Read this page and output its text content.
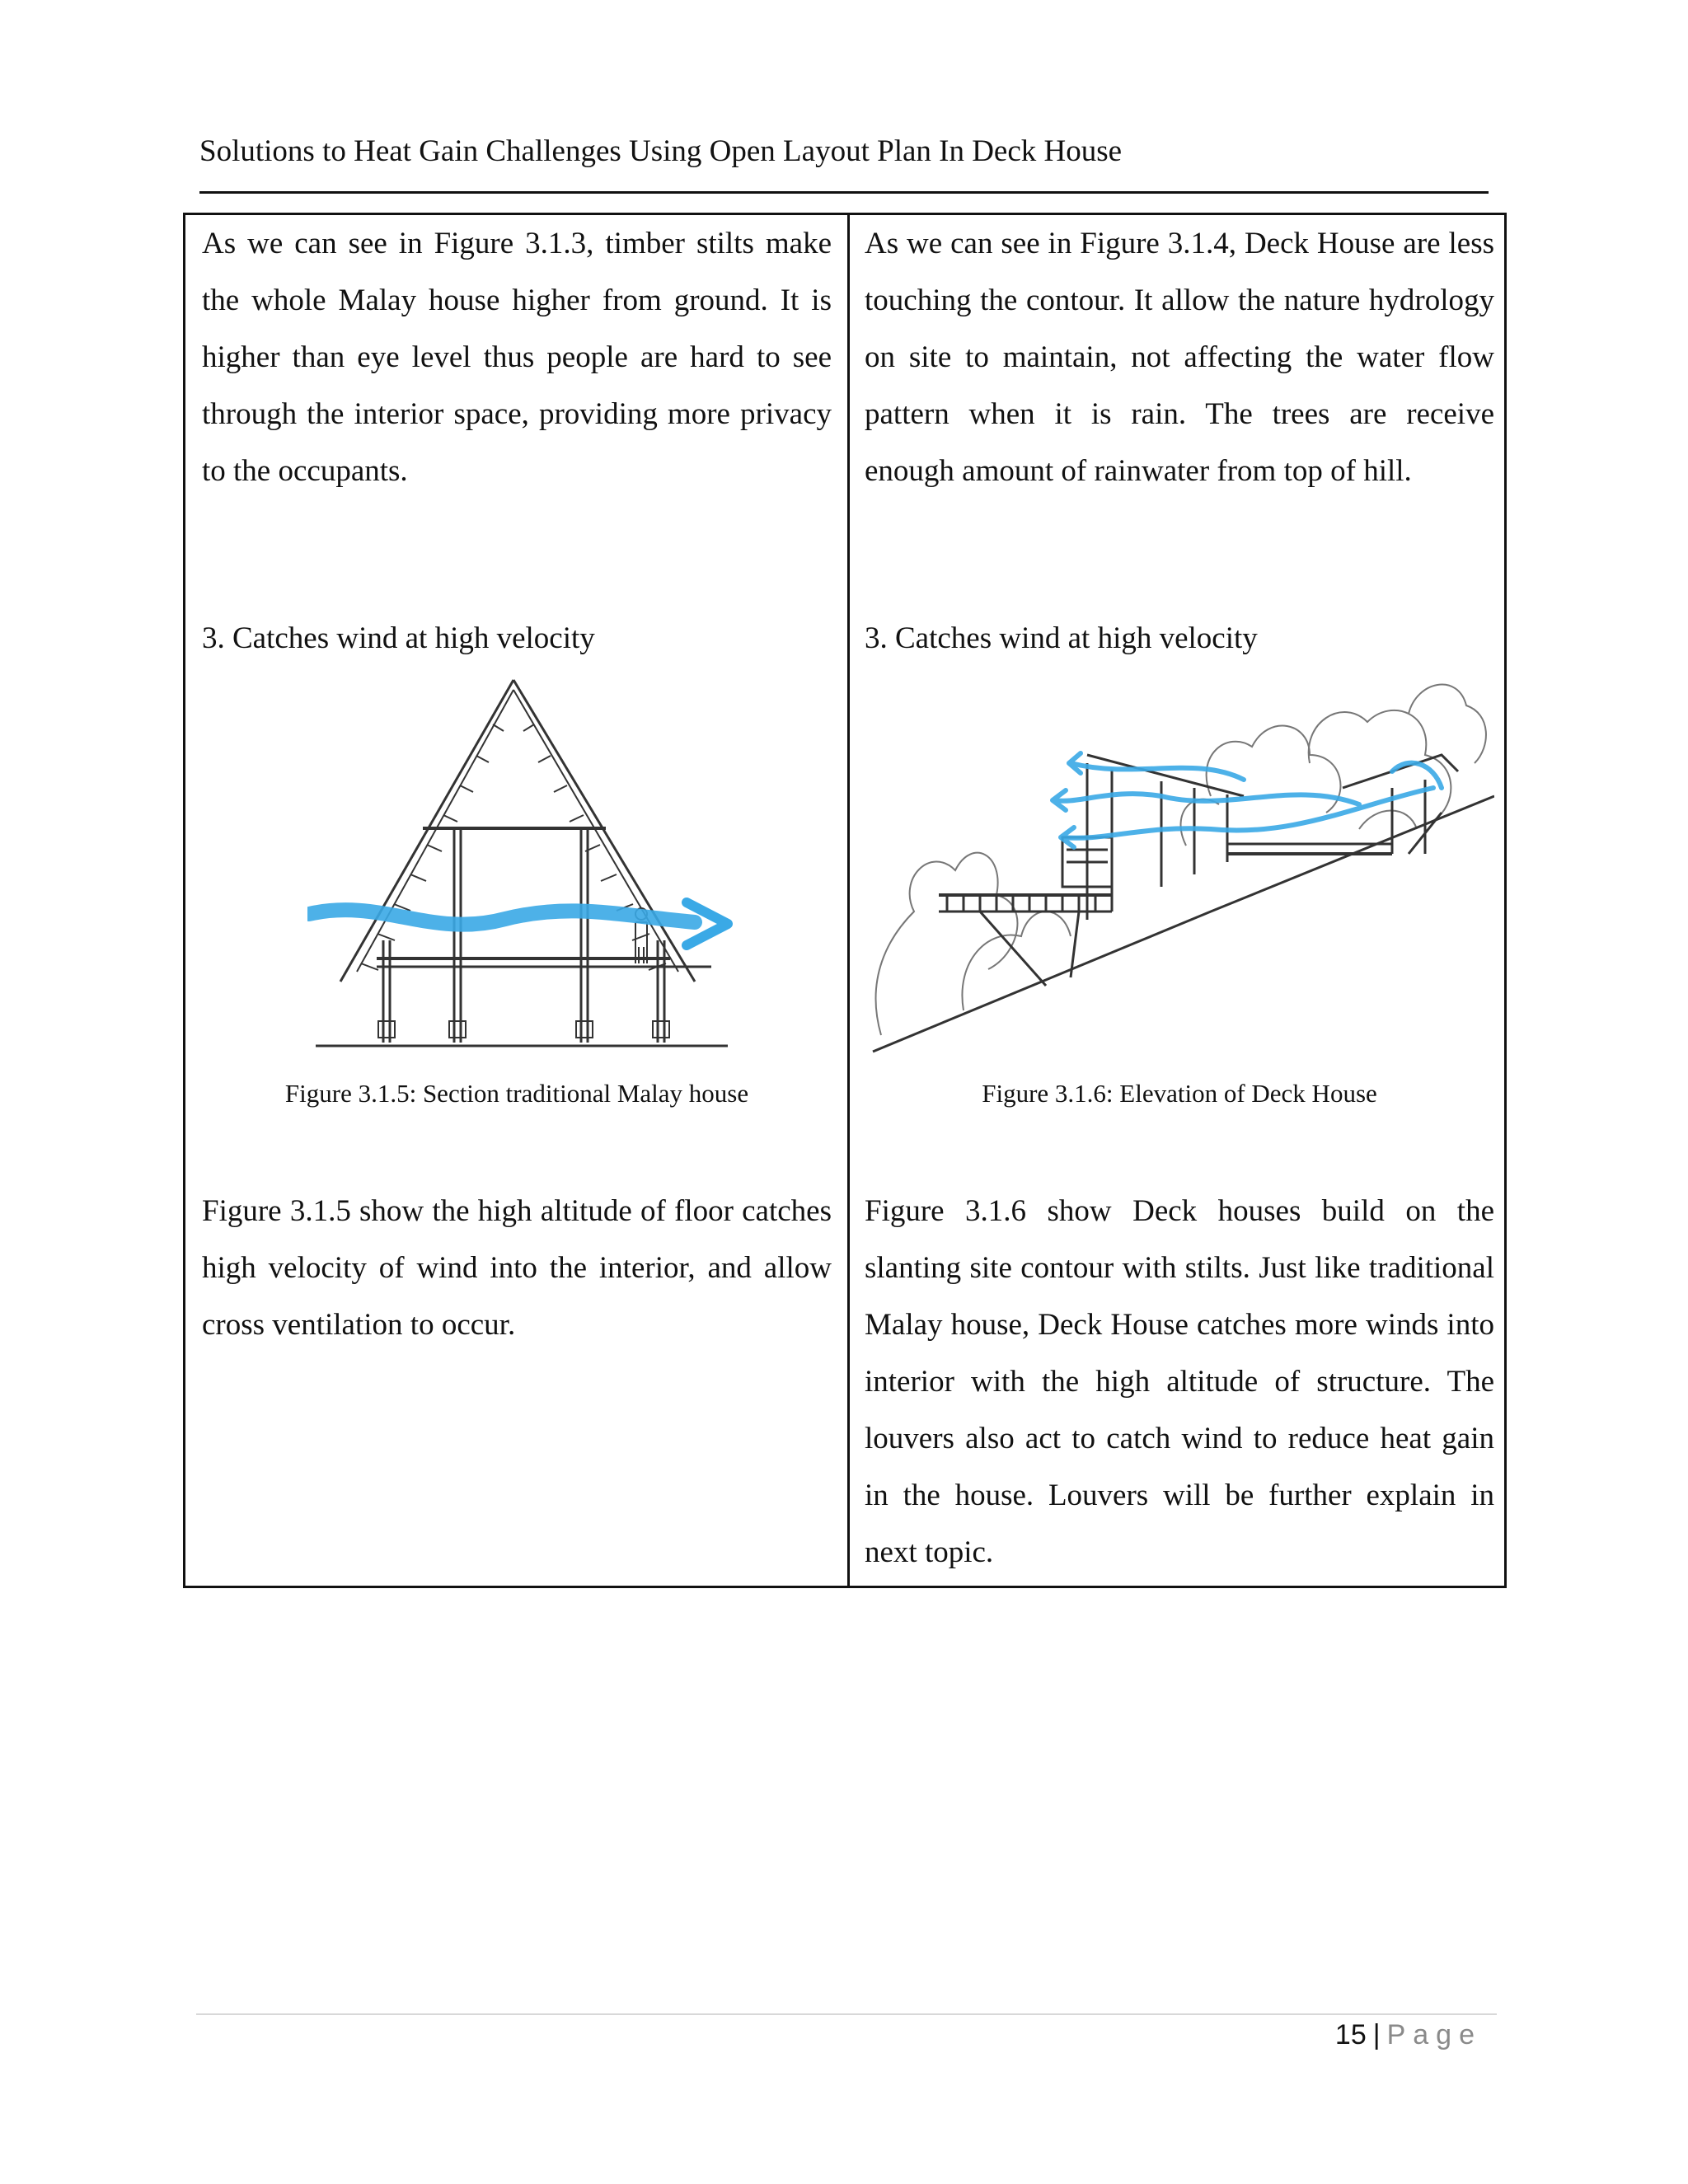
Solutions to Heat Gain Challenges Using Open Layout Plan In Deck House

As we can see in Figure 3.1.3, timber stilts make the whole Malay house higher from ground. It is higher than eye level thus people are hard to see through the interior space, providing more privacy to the occupants.

3. Catches wind at high velocity

Figure 3.1.5: Section traditional Malay house

Figure 3.1.5 show the high altitude of floor catches high velocity of wind into the interior, and allow cross ventilation to occur.

As we can see in Figure 3.1.4, Deck House are less touching the contour. It allow the nature hydrology on site to maintain, not affecting the water flow pattern when it is rain. The trees are receive enough amount of rainwater from top of hill.

3. Catches wind at high velocity

Figure 3.1.6: Elevation of Deck House

Figure 3.1.6 show Deck houses build on the slanting site contour with stilts. Just like traditional Malay house, Deck House catches more winds into interior with the high altitude of structure. The louvers also act to catch wind to reduce heat gain in the house. Louvers will be further explain in next topic.

15 | Page
